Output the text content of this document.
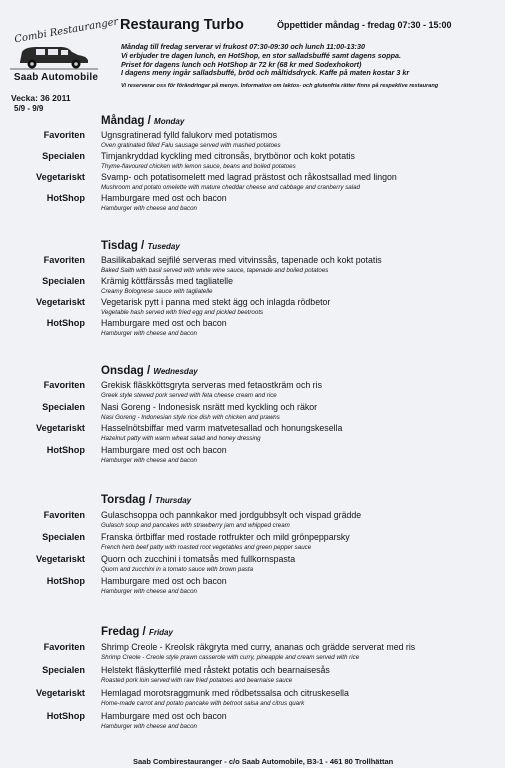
Combi Restauranger
Saab Automobile
Vecka: 36 2011
5/9 - 9/9
Restaurang Turbo	Öppettider måndag - fredag 07:30 - 15:00
Måndag till fredag serverar vi frukost 07:30-09:30 och lunch 11:00-13:30
Vi erbjuder tre dagen lunch, en HotShop, en stor salladsbuffé samt dagens soppa.
Priset för dagens lunch och HotShop är 72 kr (68 kr med Sodexhokort)
I dagens meny ingår salladsbuffé, bröd och måltidsdryck. Kaffe på maten kostar 3 kr
Vi reserverar oss för förändringar på menyn. Information om laktos- och glutenfria rätter finns på respektive restaurang
Måndag / Monday
Favoriten Ugnsgratinerad fylld falukorv med potatismos
Oven gratinated filled Falu sausage served with mashed potatoes
Specialen Timjankryddad kyckling med citronsås, brytbönor och kokt potatis
Thyme-flavoured chicken with lemon sauce, beans and boiled potatoes
Vegetariskt Svamp- och potatisomelett med lagrad prästost och råkostsallad med lingon
Mushroom and potato omelette with mature cheddar cheese and cabbage and cranberry salad
HotShop Hamburgare med ost och bacon
Hamburger with cheese and bacon
Tisdag / Tuseday
Favoriten Basilikabakad sejfilé serveras med vitvinssås, tapenade och kokt potatis
Baked Saith with basil served with white wine sauce, tapenade and boiled potatoes
Specialen Krämig köttfärssås med tagliatelle
Creamy Bolognese sauce with tagliatelle
Vegetariskt Vegetarisk pytt i panna med stekt ägg och inlagda rödbetor
Vegetable hash served with fried egg and pickled beetroots
HotShop Hamburgare med ost och bacon
Hamburger with cheese and bacon
Onsdag / Wednesday
Favoriten Grekisk fläskköttsgryta serveras med fetaostkräm och ris
Greek style stewed pork served with feta cheese cream and rice
Specialen Nasi Goreng - Indonesisk nsrätt med kyckling och räkor
Nasi Goreng - Indonesian style rice dish with chicken and prawns
Vegetariskt Hasselnötsbiffar med varm matvetesallad och honungskesella
Hazelnut patty with warm wheat salad and honey dressing
HotShop Hamburgare med ost och bacon
Hamburger with cheese and bacon
Torsdag / Thursday
Favoriten Gulaschsoppa och pannkakor med jordgubbsylt och vispad grädde
Gulasch soup and pancakes with strawberry jam and whipped cream
Specialen Franska örtbiffar med rostade rotfrukter och mild grönpepparsky
French herb beef patty with roasted root vegetables and green pepper sauce
Vegetariskt Quorn och zucchini i tomatsås med fullkornspasta
Quorn and zucchini in a tomato sauce with brown pasta
HotShop Hamburgare med ost och bacon
Hamburger with cheese and bacon
Fredag / Friday
Favoriten Shrimp Creole - Kreolsk räkgryta med curry, ananas och grädde serverat med ris
Shrimp Creole - Creole style prawn casserole with curry, pineapple and cream served with rice
Specialen Helstekt fläskytterfilé med råstekt potatis och bearnaisesås
Roasted pork loin served with raw fried potatoes and bearnaise sauce
Vegetariskt Hemlagad morotsraggmunk med rödbetssalsa och citruskesella
Home-made carrot and potato pancake with betroot salsa and citrus quark
HotShop Hamburgare med ost och bacon
Hamburger with cheese and bacon
Saab Combirestauranger - c/o Saab Automobile, B3-1 - 461 80 Trollhättan
